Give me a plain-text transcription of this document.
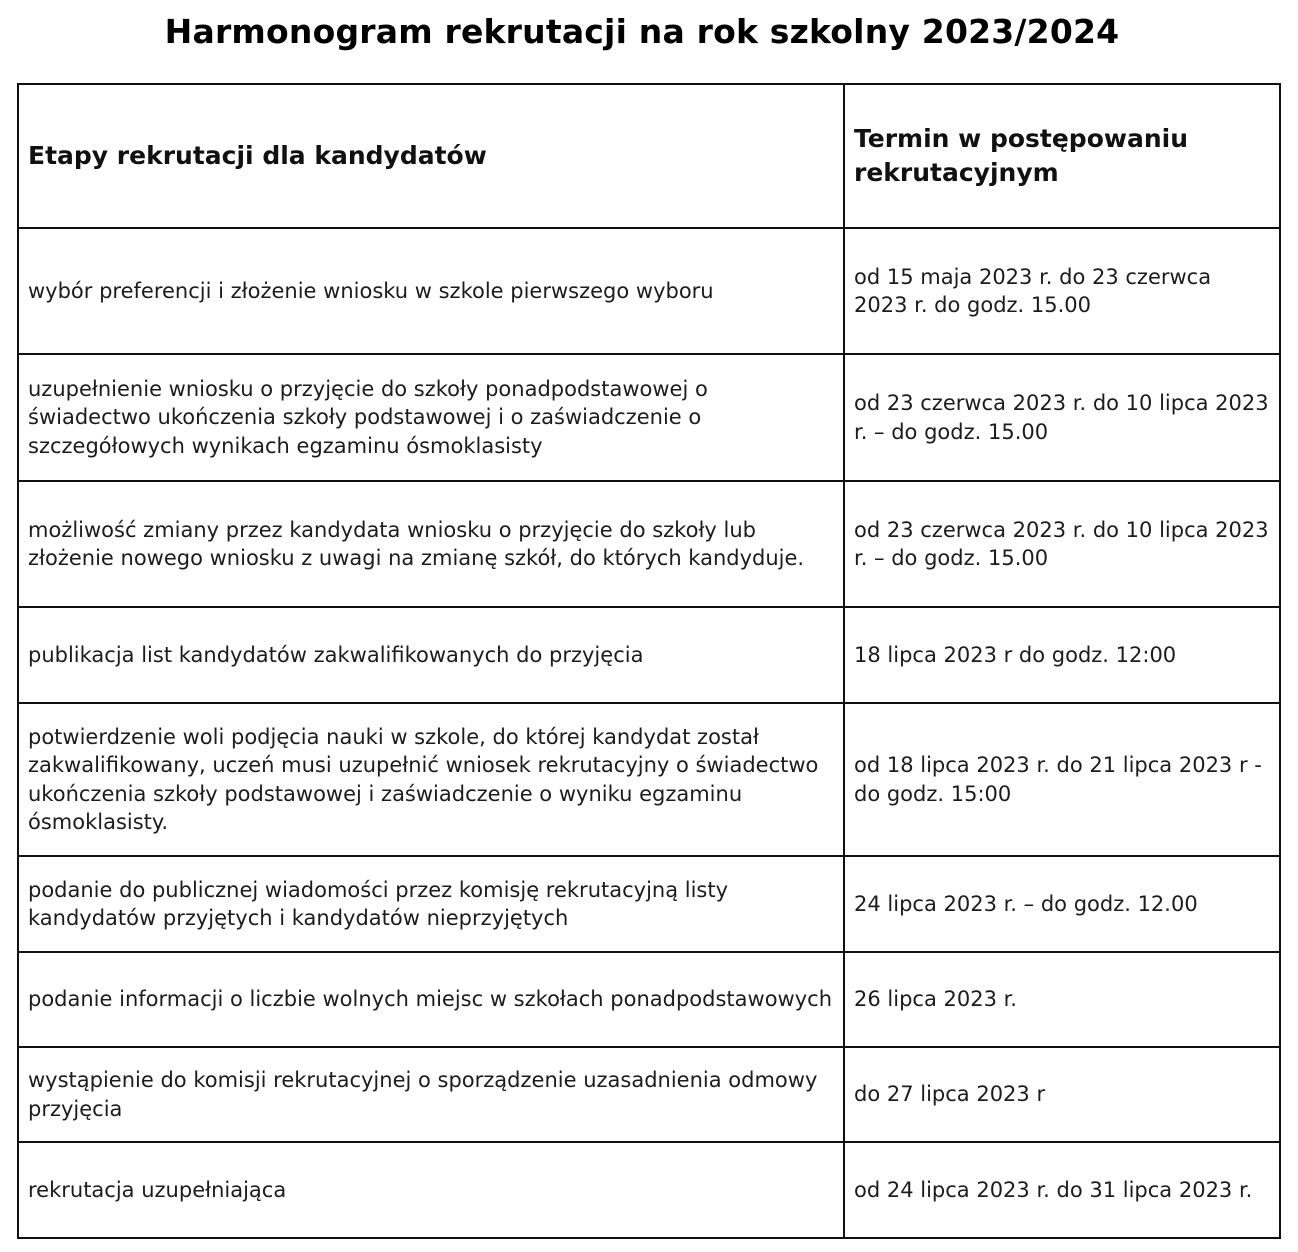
Harmonogram rekrutacji na rok szkolny 2023/2024
Etapy rekrutacji dla kandydatów	Termin w postępowaniu rekrutacyjnym
wybór preferencji i złożenie wniosku w szkole pierwszego wyboru	od 15 maja 2023 r. do 23 czerwca 2023 r. do godz. 15.00
uzupełnienie wniosku o przyjęcie do szkoły ponadpodstawowej o świadectwo ukończenia szkoły podstawowej i o zaświadczenie o szczegółowych wynikach egzaminu ósmoklasisty	od 23 czerwca 2023 r. do 10 lipca 2023 r. – do godz. 15.00
możliwość zmiany przez kandydata wniosku o przyjęcie do szkoły lub złożenie nowego wniosku z uwagi na zmianę szkół, do których kandyduje.	od 23 czerwca 2023 r. do 10 lipca 2023 r. – do godz. 15.00
publikacja list kandydatów zakwalifikowanych do przyjęcia	18 lipca 2023 r do godz. 12:00
potwierdzenie woli podjęcia nauki w szkole, do której kandydat został zakwalifikowany, uczeń musi uzupełnić wniosek rekrutacyjny o świadectwo ukończenia szkoły podstawowej i zaświadczenie o wyniku egzaminu ósmoklasisty.	od 18 lipca 2023 r. do 21 lipca 2023 r - do godz. 15:00
podanie do publicznej wiadomości przez komisję rekrutacyjną listy kandydatów przyjętych i kandydatów nieprzyjętych	24 lipca 2023 r. – do godz. 12.00
podanie informacji o liczbie wolnych miejsc w szkołach ponadpodstawowych	26 lipca 2023 r.
wystąpienie do komisji rekrutacyjnej o sporządzenie uzasadnienia odmowy przyjęcia	do 27 lipca 2023 r
rekrutacja uzupełniająca	od 24 lipca 2023 r. do 31 lipca 2023 r.
